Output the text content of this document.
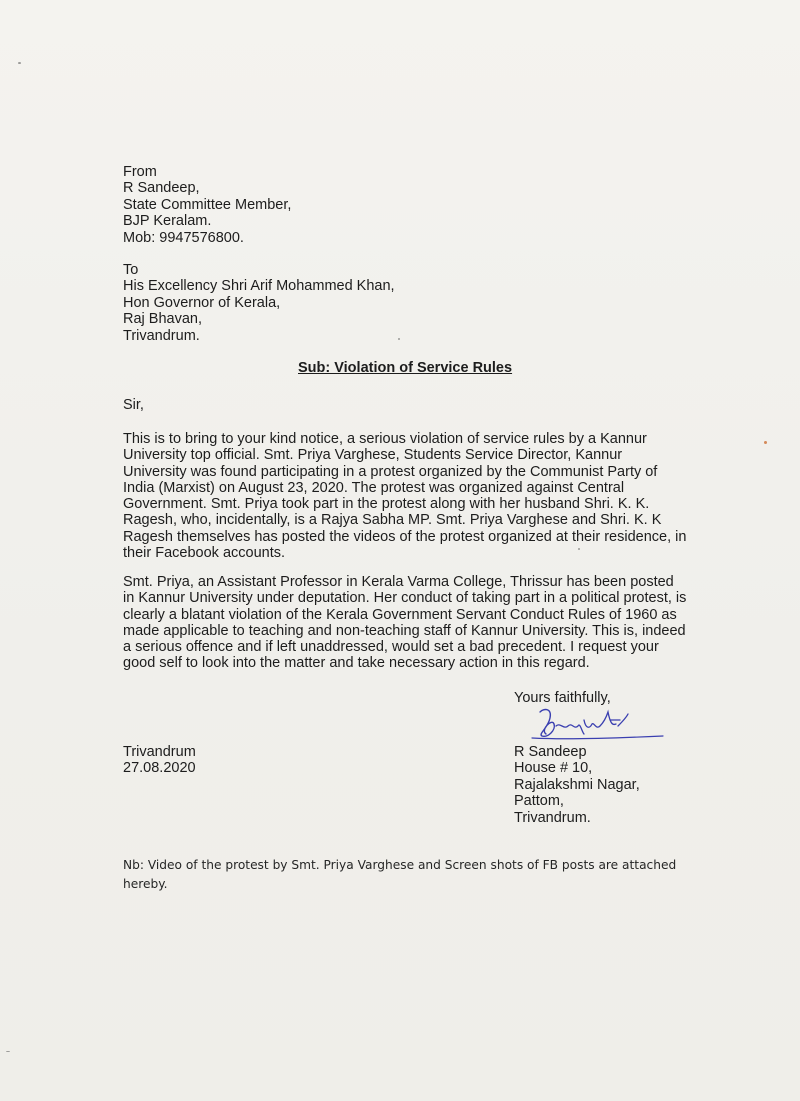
From
R Sandeep,
State Committee Member,
BJP Keralam.
Mob: 9947576800.
To
His Excellency Shri Arif Mohammed Khan,
Hon Governor of Kerala,
Raj Bhavan,
Trivandrum.
Sub: Violation of Service Rules
Sir,
This is to bring to your kind notice, a serious violation of service rules by a Kannur
University top official. Smt. Priya Varghese, Students Service Director, Kannur
University was found participating in a protest organized by the Communist Party of
India (Marxist) on August 23, 2020. The protest was organized against Central
Government. Smt. Priya took part in the protest along with her husband Shri. K. K.
Ragesh, who, incidentally, is a Rajya Sabha MP. Smt. Priya Varghese and Shri. K. K
Ragesh themselves has posted the videos of the protest organized at their residence, in
their Facebook accounts.
Smt. Priya, an Assistant Professor in Kerala Varma College, Thrissur has been posted
in Kannur University under deputation. Her conduct of taking part in a political protest, is
clearly a blatant violation of the Kerala Government Servant Conduct Rules of 1960 as
made applicable to teaching and non-teaching staff of Kannur University. This is, indeed
a serious offence and if left unaddressed, would set a bad precedent. I request your
good self to look into the matter and take necessary action in this regard.
Yours faithfully,
Trivandrum
27.08.2020
R Sandeep
House # 10,
Rajalakshmi Nagar,
Pattom,
Trivandrum.
Nb: Video of the protest by Smt. Priya Varghese and Screen shots of FB posts are attached
hereby.
